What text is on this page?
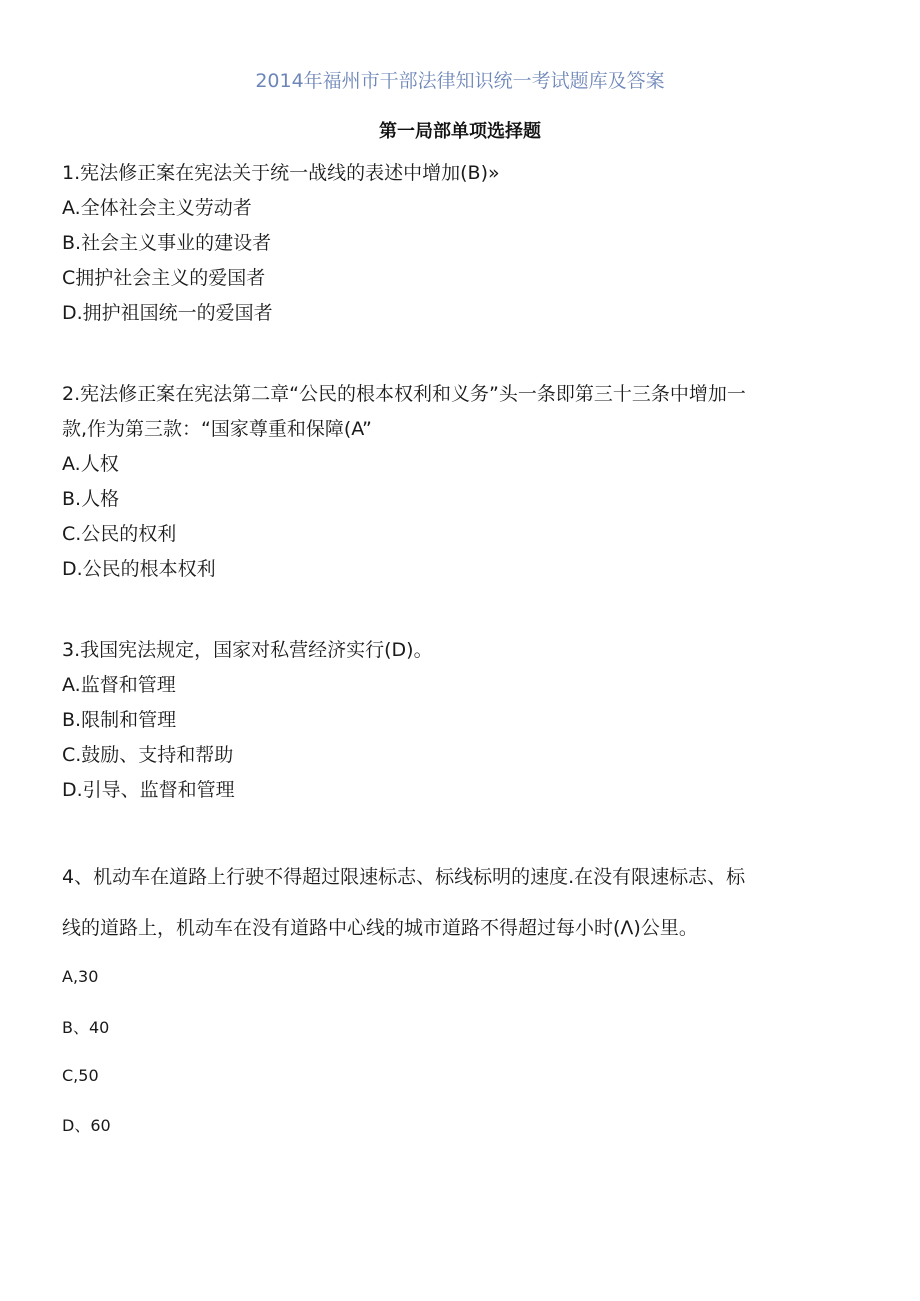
2014年福州市干部法律知识统一考试题库及答案
第一局部单项选择题
1.宪法修正案在宪法关于统一战线的表述中增加(B)»
A.全体社会主义劳动者
B.社会主义事业的建设者
C拥护社会主义的爱国者
D.拥护祖国统一的爱国者
2.宪法修正案在宪法第二章“公民的根本权利和义务”头一条即第三十三条中增加一
款,作为第三款：“国家尊重和保障(A”
A.人权
B.人格
C.公民的权利
D.公民的根本权利
3.我国宪法规定，国家对私营经济实行(D)。
A.监督和管理
B.限制和管理
C.鼓励、支持和帮助
D.引导、监督和管理
4、机动车在道路上行驶不得超过限速标志、标线标明的速度.在没有限速标志、标
线的道路上，机动车在没有道路中心线的城市道路不得超过每小时(Λ)公里。
A,30
B、40
C,50
D、60
